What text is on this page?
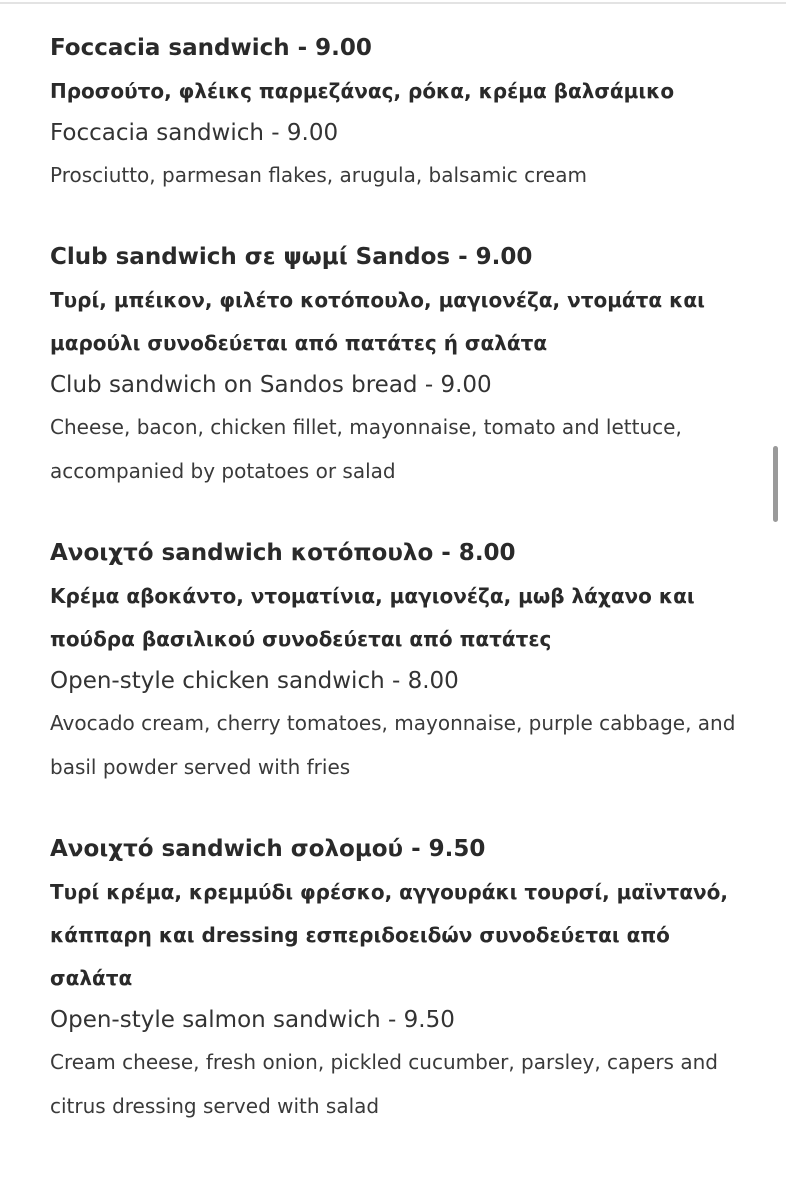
Foccacia sandwich - 9.00

Προσούτο, φλέικς παρμεζάνας, ρόκα, κρέμα βαλσάμικο

Foccacia sandwich - 9.00

Prosciutto, parmesan flakes, arugula, balsamic cream

Club sandwich σε ψωμί Sandos - 9.00

Τυρί, μπέικον, φιλέτο κοτόπουλο, μαγιονέζα, ντομάτα και μαρούλι συνοδεύεται από πατάτες ή σαλάτα

Club sandwich on Sandos bread - 9.00

Cheese, bacon, chicken fillet, mayonnaise, tomato and lettuce, accompanied by potatoes or salad

Ανοιχτό sandwich κοτόπουλο - 8.00

Κρέμα αβοκάντο, ντοματίνια, μαγιονέζα, μωβ λάχανο και πούδρα βασιλικού συνοδεύεται από πατάτες

Open-style chicken sandwich - 8.00

Avocado cream, cherry tomatoes, mayonnaise, purple cabbage, and basil powder served with fries

Ανοιχτό sandwich σολομού - 9.50

Τυρί κρέμα, κρεμμύδι φρέσκο, αγγουράκι τουρσί, μαϊντανό, κάππαρη και dressing εσπεριδοειδών συνοδεύεται από σαλάτα

Open-style salmon sandwich - 9.50

Cream cheese, fresh onion, pickled cucumber, parsley, capers and citrus dressing served with salad
